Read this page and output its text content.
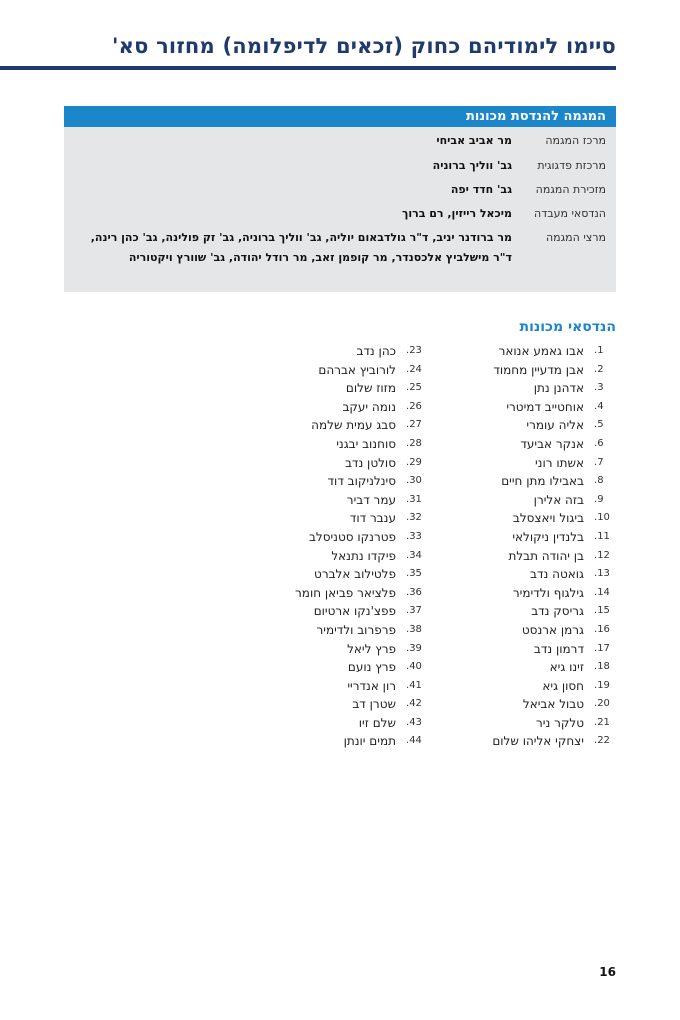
סיימו לימודיהם כחוק (זכאים לדיפלומה) מחזור סא'
המגמה להנדסת מכונות
מרכז המגמה
מר אביב אביחי
מרכזת פדגוגית
גב' ווליך ברוניה
מזכירת המגמה
גב' חדד יפה
הנדסאי מעבדה
מיכאל רייזין, רם ברוך
מרצי המגמה
מר ברודנר יניב, ד"ר גולדבאום יוליה, גב' ווליך ברוניה, גב' זק פולינה, גב' כהן רינה, ד"ר מישלביץ אלכסנדר, מר קופמן זאב, מר רודל יהודה, גב' שוורץ ויקטוריה
הנדסאי מכונות
1.
אבו גאמע אנואר
2.
אבן מדעיין מחמוד
3.
אדהנן נתן
4.
אוחטייב דמיטרי
5.
אליה עומרי
6.
אנקר אביעד
7.
אשתו רוני
8.
באבילו מתן חיים
9.
בזה אלירן
10.
ביגול ויאצסלב
11.
בלנדין ניקולאי
12.
בן יהודה תבלת
13.
גואטה נדב
14.
גילגוף ולדימיר
15.
גריסק נדב
16.
גרמן ארנסט
17.
דרמון נדב
18.
זינו גיא
19.
חסון גיא
20.
טבול אביאל
21.
טלקר ניר
22.
יצחקי אליהו שלום
23.
כהן נדב
24.
לורוביץ אברהם
25.
מזוז שלום
26.
נומה יעקב
27.
סבג עמית שלמה
28.
סוחנוב יבגני
29.
סולטן נדב
30.
סינלניקוב דוד
31.
עמר דביר
32.
ענבר דוד
33.
פטרנקו סטניסלב
34.
פיקדו נתנאל
35.
פלטילוב אלברט
36.
פלציאר פביאן חומר
37.
פפצ'נקו ארטיום
38.
פרפרוב ולדימיר
39.
פרץ ליאל
40.
פרץ נועם
41.
רון אנדריי
42.
שטרן דב
43.
שלם זיו
44.
תמים יונתן
16
